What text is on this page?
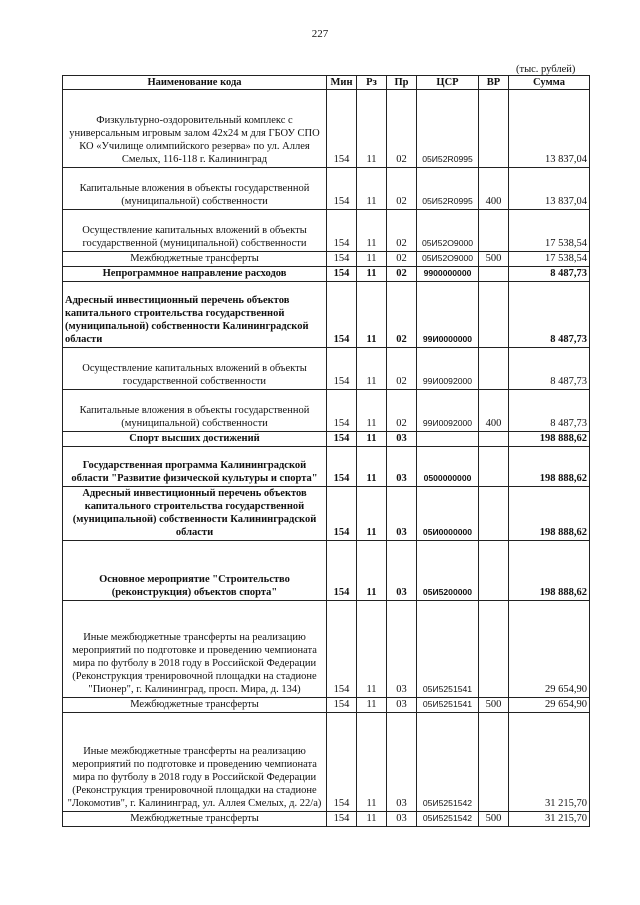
227
(тыс. рублей)
Наименование кода	Мин	Рз	Пр	ЦСР	ВР	Сумма
Физкультурно-оздоровительный комплекс с универсальным игровым залом 42х24 м для ГБОУ СПО КО «Училище олимпийского резерва» по ул. Аллея Смелых, 116-118 г. Калининград	154	11	02	05И52R0995		13 837,04
Капитальные вложения в объекты государственной (муниципальной) собственности	154	11	02	05И52R0995	400	13 837,04
Осуществление капитальных вложений в объекты государственной (муниципальной) собственности	154	11	02	05И52О9000		17 538,54
Межбюджетные трансферты	154	11	02	05И52О9000	500	17 538,54
Непрограммное направление расходов	154	11	02	9900000000		8 487,73
Адресный инвестиционный перечень объектов капитального строительства государственной (муниципальной) собственности Калининградской области	154	11	02	99И0000000		8 487,73
Осуществление капитальных вложений в объекты государственной собственности	154	11	02	99И0092000		8 487,73
Капитальные вложения в объекты государственной (муниципальной) собственности	154	11	02	99И0092000	400	8 487,73
Спорт высших достижений	154	11	03			198 888,62
Государственная программа Калининградской области "Развитие физической культуры и спорта"	154	11	03	0500000000		198 888,62
Адресный инвестиционный перечень объектов капитального строительства государственной (муниципальной) собственности Калининградской области	154	11	03	05И0000000		198 888,62
Основное мероприятие "Строительство (реконструкция) объектов спорта"	154	11	03	05И5200000		198 888,62
Иные межбюджетные трансферты на реализацию мероприятий по подготовке и проведению чемпионата мира по футболу в 2018 году в Российской Федерации (Реконструкция тренировочной площадки на стадионе "Пионер", г. Калининград, просп. Мира, д. 134)	154	11	03	05И5251541		29 654,90
Межбюджетные трансферты	154	11	03	05И5251541	500	29 654,90
Иные межбюджетные трансферты на реализацию мероприятий по подготовке и проведению чемпионата мира по футболу в 2018 году в Российской Федерации (Реконструкция тренировочной площадки на стадионе "Локомотив", г. Калининград, ул. Аллея Смелых, д. 22/а)	154	11	03	05И5251542		31 215,70
Межбюджетные трансферты	154	11	03	05И5251542	500	31 215,70
